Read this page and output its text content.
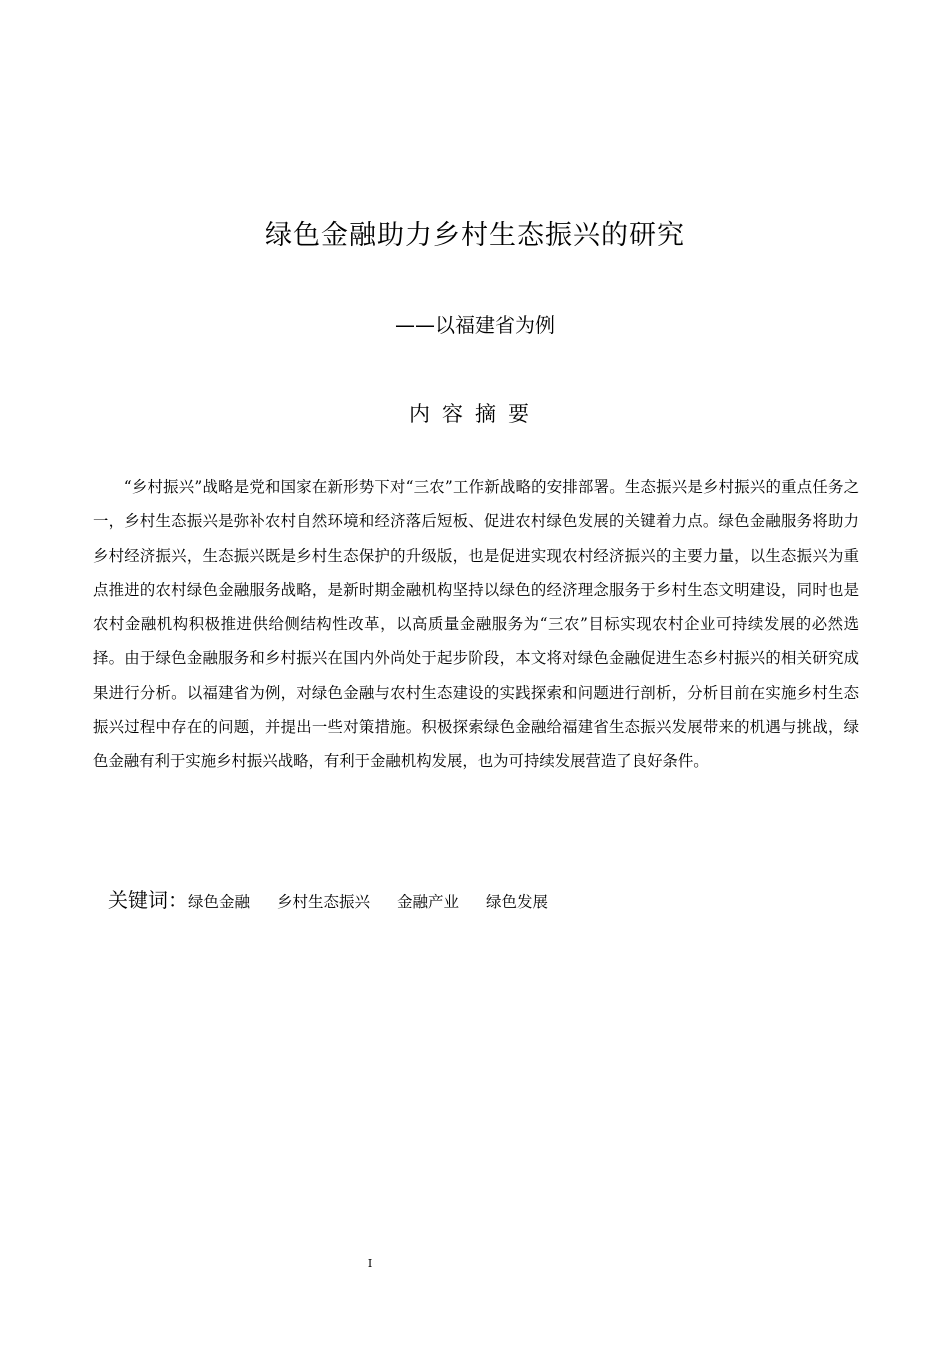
绿色金融助力乡村生态振兴的研究
——以福建省为例
内容摘要

“乡村振兴”战略是党和国家在新形势下对“三农”工作新战略的安排部署。生态振兴是乡村振兴的重点任务之一，乡村生态振兴是弥补农村自然环境和经济落后短板、促进农村绿色发展的关键着力点。绿色金融服务将助力乡村经济振兴，生态振兴既是乡村生态保护的升级版，也是促进实现农村经济振兴的主要力量，以生态振兴为重点推进的农村绿色金融服务战略，是新时期金融机构坚持以绿色的经济理念服务于乡村生态文明建设，同时也是农村金融机构积极推进供给侧结构性改革，以高质量金融服务为“三农”目标实现农村企业可持续发展的必然选择。由于绿色金融服务和乡村振兴在国内外尚处于起步阶段，本文将对绿色金融促进生态乡村振兴的相关研究成果进行分析。以福建省为例，对绿色金融与农村生态建设的实践探索和问题进行剖析，分析目前在实施乡村生态振兴过程中存在的问题，并提出一些对策措施。积极探索绿色金融给福建省生态振兴发展带来的机遇与挑战，绿色金融有利于实施乡村振兴战略，有利于金融机构发展，也为可持续发展营造了良好条件。

关键词： 绿色金融 乡村生态振兴 金融产业 绿色发展
I
